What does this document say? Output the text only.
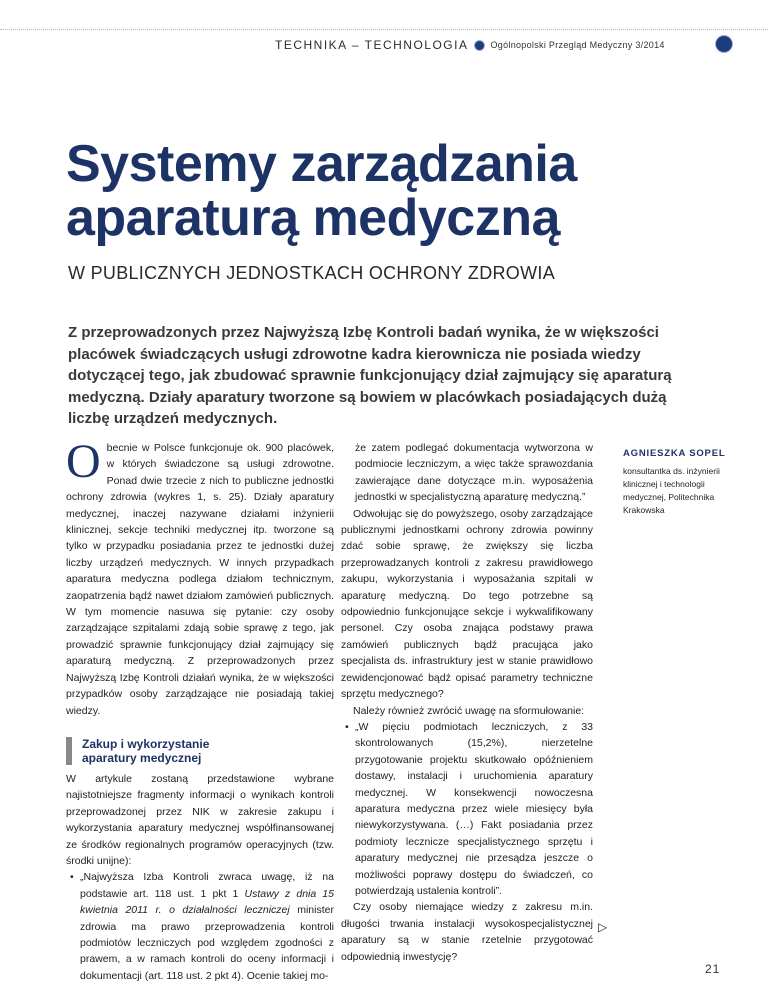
TECHNIKA – TECHNOLOGIA Ogólnopolski Przegląd Medyczny 3/2014
Systemy zarządzania
aparaturą medyczną
W PUBLICZNYCH JEDNOSTKACH OCHRONY ZDROWIA

Z przeprowadzonych przez Najwyższą Izbę Kontroli badań wynika, że w większości placówek świadczących usługi zdrowotne kadra kierownicza nie posiada wiedzy dotyczącej tego, jak zbudować sprawnie funkcjonujący dział zajmujący się aparaturą medyczną. Działy aparatury tworzone są bowiem w placówkach posiadających dużą liczbę urządzeń medycznych.

Obecnie w Polsce funkcjonuje ok. 900 placówek, w których świadczone są usługi zdrowotne. Ponad dwie trzecie z nich to publiczne jednostki ochrony zdrowia (wykres 1, s. 25). Działy aparatury medycznej, inaczej nazywane działami inżynierii klinicznej, sekcje techniki medycznej itp. tworzone są tylko w przypadku posiadania przez te jednostki dużej liczby urządzeń medycznych. W innych przypadkach aparatura medyczna podlega działom technicznym, zaopatrzenia bądź nawet działom zamówień publicznych. W tym momencie nasuwa się pytanie: czy osoby zarządzające szpitalami zdają sobie sprawę z tego, jak prowadzić sprawnie funkcjonujący dział zajmujący się aparaturą medyczną. Z przeprowadzonych przez Najwyższą Izbę Kontroli działań wynika, że w większości przypadków osoby zarządzające nie posiadają takiej wiedzy.

Zakup i wykorzystanie
aparatury medycznej

W artykule zostaną przedstawione wybrane najistotniejsze fragmenty informacji o wynikach kontroli przeprowadzonej przez NIK w zakresie zakupu i wykorzystania aparatury medycznej współfinansowanej ze środków regionalnych programów operacyjnych (tzw. środki unijne):

• „Najwyższa Izba Kontroli zwraca uwagę, iż na podstawie art. 118 ust. 1 pkt 1 Ustawy z dnia 15 kwietnia 2011 r. o działalności leczniczej minister zdrowia ma prawo przeprowadzenia kontroli podmiotów leczniczych pod względem zgodności z prawem, a w ramach kontroli do oceny informacji i dokumentacji (art. 118 ust. 2 pkt 4). Ocenie takiej mo-

że zatem podlegać dokumentacja wytworzona w podmiocie leczniczym, a więc także sprawozdania zawierające dane dotyczące m.in. wyposażenia jednostki w specjalistyczną aparaturę medyczną.”

Odwołując się do powyższego, osoby zarządzające publicznymi jednostkami ochrony zdrowia powinny zdać sobie sprawę, że zwiększy się liczba przeprowadzanych kontroli z zakresu prawidłowego zakupu, wykorzystania i wyposażania szpitali w aparaturę medyczną. Do tego potrzebne są odpowiednio funkcjonujące sekcje i wykwalifikowany personel. Czy osoba znająca podstawy prawa zamówień publicznych bądź pracująca jako specjalista ds. infrastruktury jest w stanie prawidłowo zewidencjonować bądź opisać parametry techniczne sprzętu medycznego?

Należy również zwrócić uwagę na sformułowanie:

• „W pięciu podmiotach leczniczych, z 33 skontrolowanych (15,2%), nierzetelne przygotowanie projektu skutkowało opóźnieniem dostawy, instalacji i uruchomienia aparatury medycznej. W konsekwencji nowoczesna aparatura medyczna przez wiele miesięcy była niewykorzystywana. (…) Fakt posiadania przez podmioty lecznicze specjalistycznego sprzętu i aparatury medycznej nie przesądza jeszcze o możliwości poprawy dostępu do świadczeń, co potwierdzają ustalenia kontroli”.

Czy osoby niemające wiedzy z zakresu m.in. długości trwania instalacji wysokospecjalistycznej aparatury są w stanie rzetelnie przygotować odpowiednią inwestycję?

AGNIESZKA SOPEL
konsultantka ds. inżynierii klinicznej i technologii medycznej, Politechnika Krakowska
▷
21
